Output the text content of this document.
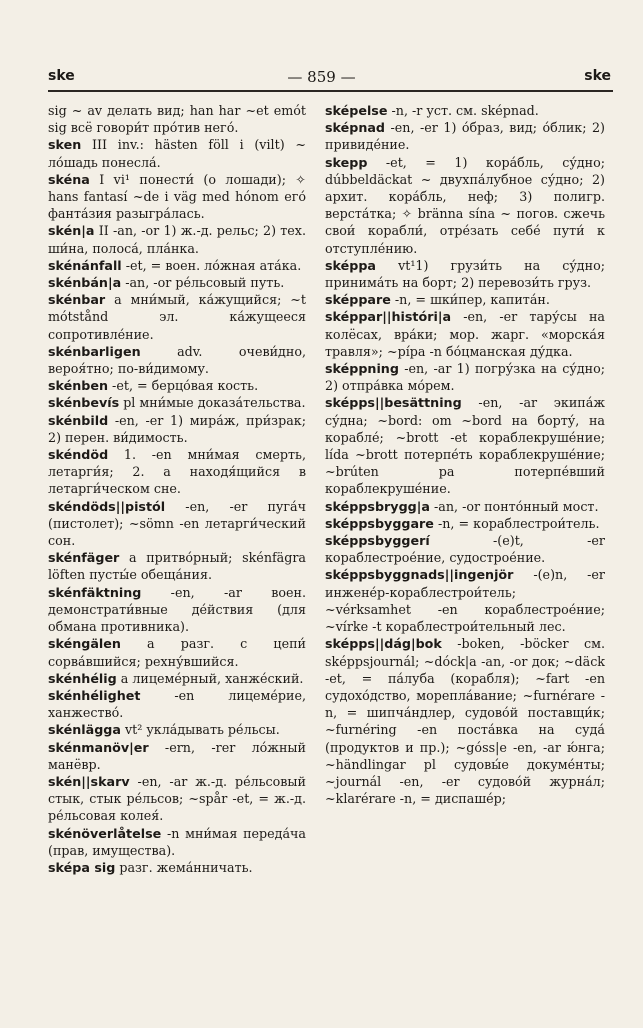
ske	— 859 —	ske

sig ~ av делать вид; han har ~et emót sig всё говори́т про́тив него́.

sken III inv.: hästen föll i (vilt) ~ ло́шадь понесла́.

skéna I vi¹ понести́ (о лошади); ✧ hans fantasí ~de i väg med hónom его́ фанта́зия разыгра́лась.

skén|a II -an, -or 1) ж.-д. рельс; 2) тех. ши́на, полоса́, пла́нка.

skénánfall -et, = воен. ло́жная ата́ка.

skénbán|a -an, -or ре́льсовый путь.

skénbar a мни́мый, ка́жущийся; ~t mótstånd эл. ка́жущееся сопротивле́ние.

skénbarligen adv. очеви́дно, вероя́тно; по-ви́димому.

skénben -et, = берцо́вая кость.

skénbevís pl мни́мые доказа́тельства.

skénbild -en, -er 1) мира́ж, при́зрак; 2) перен. ви́димость.

skéndöd 1. -en мни́мая смерть, летарги́я; 2. a находя́щийся в летарги́ческом сне.

skéndöds||pistól -en, -er пуга́ч (пистолет); ~sömn -en летарги́ческий сон.

skénfäger a притво́рный; skénfägra löften пусты́е обеща́ния.

skénfäktning -en, -ar воен. демонстрати́вные де́йствия (для обмана противника).

skéngälen a разг. с цепи́ сорва́вшийся; рехну́вшийся.

skénhélig a лицеме́рный, ханже́ский.

skénhélighet -en лицеме́рие, ханжество́.

skénlägga vt² укла́дывать ре́льсы.

skénmanöv|er -ern, -rer ло́жный манёвр.

skén||skarv -en, -ar ж.-д. ре́льсовый стык, стык ре́льсов; ~spår -et, = ж.-д. ре́льсовая колея́.

skénöverlåtelse -n мни́мая переда́ча (прав, имущества).

sképa sig разг. жема́нничать.

sképelse -n, -r уст. см. sképnad.

sképnad -en, -er 1) о́браз, вид; о́блик; 2) привиде́ние.

skepp -et, = 1) кора́бль, су́дно; dúbbeldäckat ~ двухпа́лубное су́дно; 2) архит. кора́бль, неф; 3) полигр. верста́тка; ✧ bränna sína ~ погов. сжечь свои́ корабли́, отре́зать себе́ пути́ к отступле́нию.

sképpa vt¹1) грузи́ть на су́дно; принима́ть на борт; 2) перевози́ть груз.

sképpare -n, = шки́пер, капита́н.

sképpar||históri|a -en, -er тару́сы на колёсах, вра́ки; мор. жарг. «морска́я травля»; ~pípa -n бо́цманская ду́дка.

sképpning -en, -ar 1) погру́зка на су́дно; 2) отпра́вка мо́рем.

sképps||besättning -en, -ar экипа́ж су́дна; ~bord: om ~bord на борту́, на корабле́; ~brott -et кораблекруше́ние; lída ~brott потерпе́ть кораблекруше́ние; ~brúten pa потерпе́вший кораблекруше́ние.

sképpsbrygg|a -an, -or понто́нный мост.

sképpsbyggare -n, = кораблестрои́тель.

sképpsbyggerí -(e)t, -er кораблестрое́ние, судострое́ние.

sképpsbyggnads||ingenjör -(e)n, -er инжене́р-кораблестрои́тель; ~vérksamhet -en кораблестрое́ние; ~vírke -t кораблестрои́тельный лес.

sképps||dág|bok -boken, -böcker см. sképpsjournál; ~dóck|a -an, -or док; ~däck -et, = па́луба (корабля); ~fart -en судохо́дство, морепла́вание; ~furnérare -n, = шипча́ндлер, судово́й поставщи́к; ~furnéring -en поста́вка на суда́ (продуктов и пр.); ~góss|e -en, -ar ю́нга; ~händlingar pl судовы́е докуме́нты; ~journál -en, -er судово́й журна́л; ~klarérare -n, = диспаше́р;
